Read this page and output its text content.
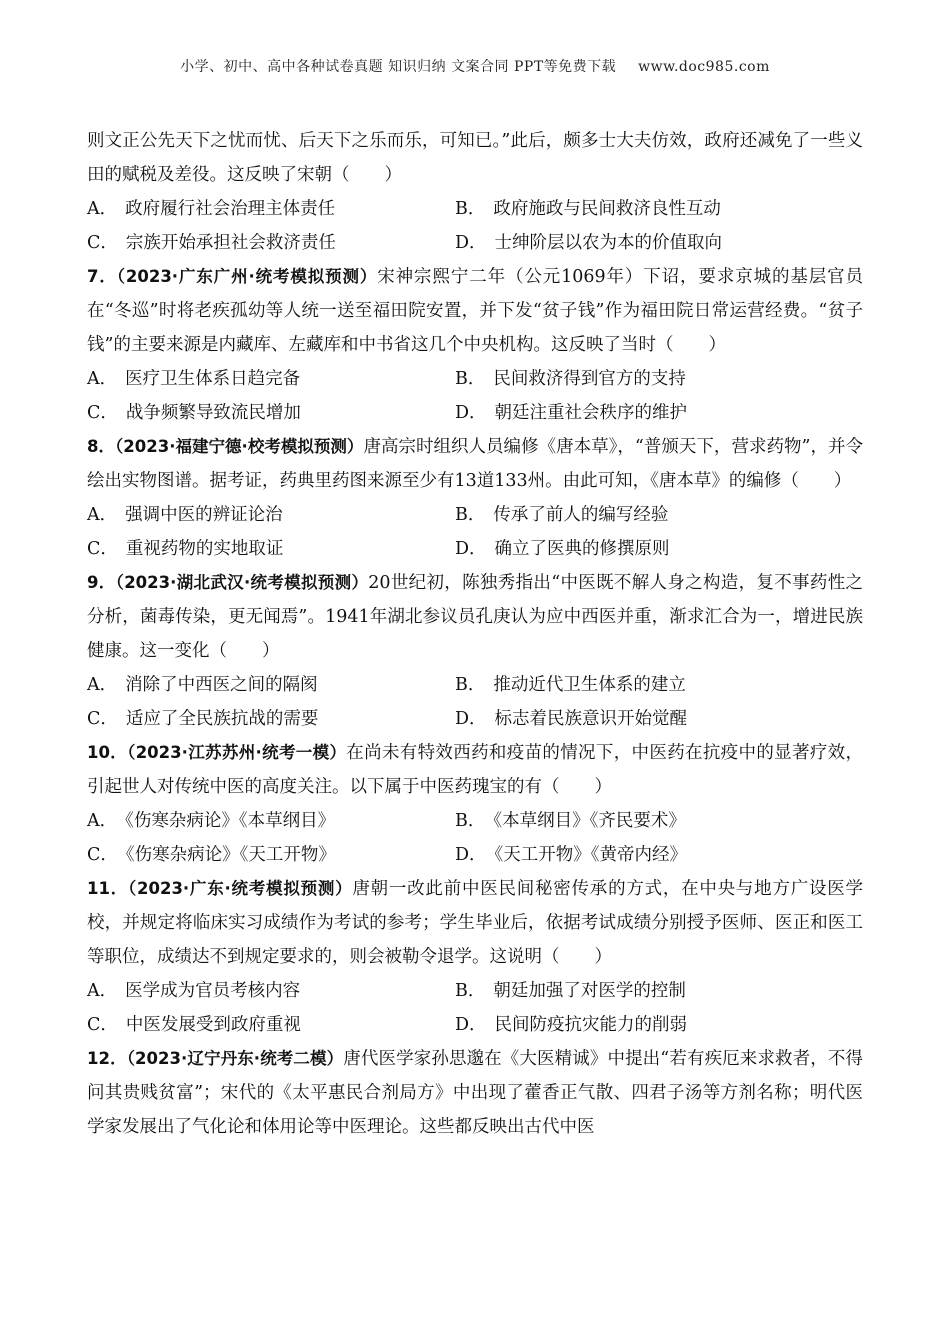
小学、初中、高中各种试卷真题 知识归纳 文案合同 PPT等免费下载 www.doc985.com

则文正公先天下之忧而忧、后天下之乐而乐，可知已。”此后，颇多士大夫仿效，政府还减免了一些义田的赋税及差役。这反映了宋朝（　　）

A． 政府履行社会治理主体责任	B． 政府施政与民间救济良性互动
C． 宗族开始承担社会救济责任	D． 士绅阶层以农为本的价值取向

7．（2023·广东广州·统考模拟预测）宋神宗熙宁二年（公元1069年）下诏，要求京城的基层官员在“冬巡”时将老疾孤幼等人统一送至福田院安置，并下发“贫子钱”作为福田院日常运营经费。“贫子钱”的主要来源是内藏库、左藏库和中书省这几个中央机构。这反映了当时（　　）

A． 医疗卫生体系日趋完备	B． 民间救济得到官方的支持
C． 战争频繁导致流民增加	D． 朝廷注重社会秩序的维护

8．（2023·福建宁德·校考模拟预测）唐高宗时组织人员编修《唐本草》，“普颁天下，营求药物”，并令绘出实物图谱。据考证，药典里药图来源至少有13道133州。由此可知，《唐本草》的编修（　　）

A． 强调中医的辨证论治	B． 传承了前人的编写经验
C． 重视药物的实地取证	D． 确立了医典的修撰原则

9．（2023·湖北武汉·统考模拟预测）20世纪初，陈独秀指出“中医既不解人身之构造，复不事药性之分析，菌毒传染，更无闻焉”。1941年湖北参议员孔庚认为应中西医并重，渐求汇合为一，增进民族健康。这一变化（　　）

A． 消除了中西医之间的隔阂	B． 推动近代卫生体系的建立
C． 适应了全民族抗战的需要	D． 标志着民族意识开始觉醒

10．（2023·江苏苏州·统考一模）在尚未有特效西药和疫苗的情况下，中医药在抗疫中的显著疗效，引起世人对传统中医的高度关注。以下属于中医药瑰宝的有（　　）

A． 《伤寒杂病论》《本草纲目》	B． 《本草纲目》《齐民要术》
C． 《伤寒杂病论》《天工开物》	D． 《天工开物》《黄帝内经》

11．（2023·广东·统考模拟预测）唐朝一改此前中医民间秘密传承的方式，在中央与地方广设医学校，并规定将临床实习成绩作为考试的参考；学生毕业后，依据考试成绩分别授予医师、医正和医工等职位，成绩达不到规定要求的，则会被勒令退学。这说明（　　）

A． 医学成为官员考核内容	B． 朝廷加强了对医学的控制
C． 中医发展受到政府重视	D． 民间防疫抗灾能力的削弱

12．（2023·辽宁丹东·统考二模）唐代医学家孙思邈在《大医精诚》中提出“若有疾厄来求救者，不得问其贵贱贫富”；宋代的《太平惠民合剂局方》中出现了藿香正气散、四君子汤等方剂名称；明代医学家发展出了气化论和体用论等中医理论。这些都反映出古代中医
